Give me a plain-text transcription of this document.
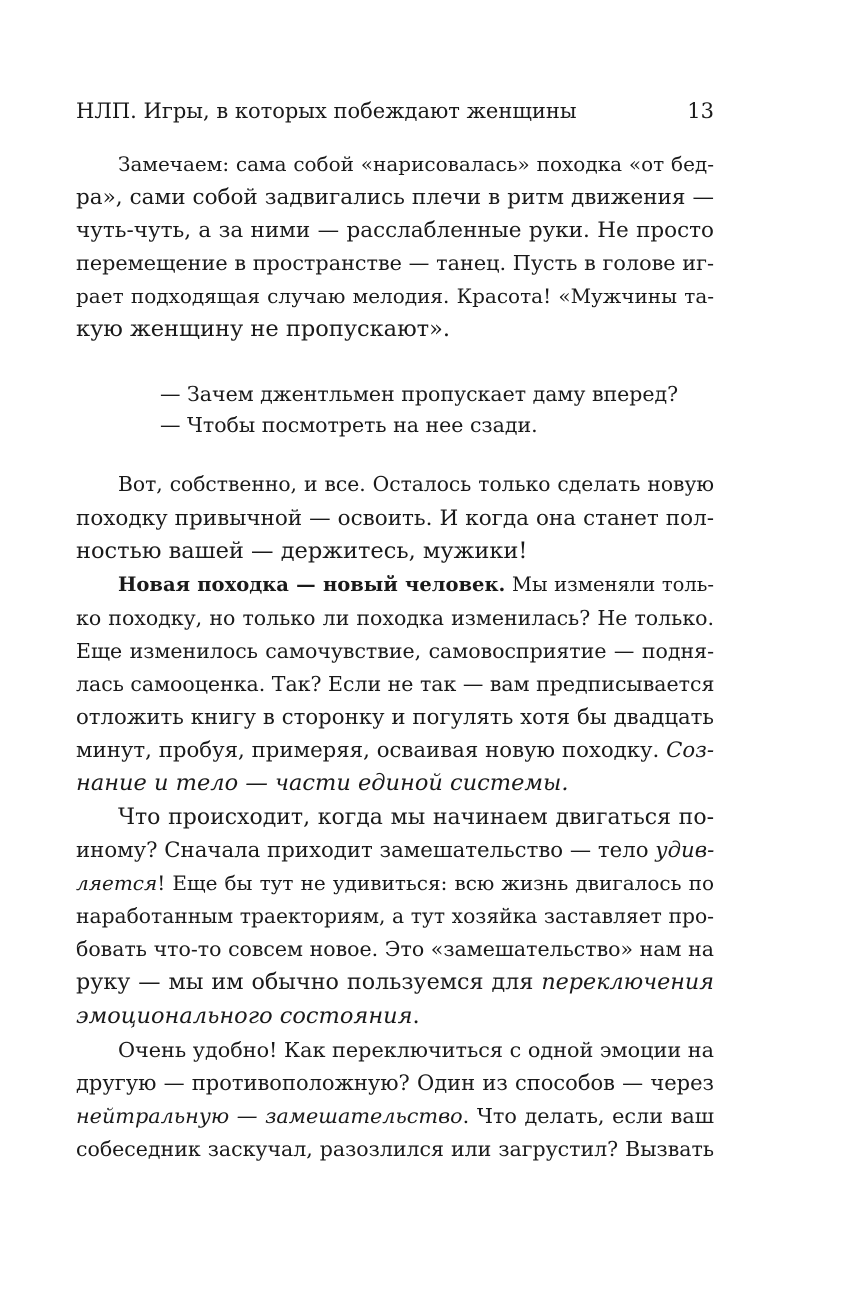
НЛП. Игры, в которых побеждают женщины	13
Замечаем: сама собой «нарисовалась» походка «от бед-
ра», сами собой задвигались плечи в ритм движения —
чуть-чуть, а за ними — расслабленные руки. Не просто
перемещение в пространстве — танец. Пусть в голове иг-
рает подходящая случаю мелодия. Красота! «Мужчины та-
кую женщину не пропускают».
— Зачем джентльмен пропускает даму вперед?
— Чтобы посмотреть на нее сзади.
Вот, собственно, и все. Осталось только сделать новую
походку привычной — освоить. И когда она станет пол-
ностью вашей — держитесь, мужики!
Новая походка — новый человек. Мы изменяли толь-
ко походку, но только ли походка изменилась? Не только.
Еще изменилось самочувствие, самовосприятие — подня-
лась самооценка. Так? Если не так — вам предписывается
отложить книгу в сторонку и погулять хотя бы двадцать
минут, пробуя, примеряя, осваивая новую походку. Соз-
нание и тело — части единой системы.
Что происходит, когда мы начинаем двигаться по-
иному? Сначала приходит замешательство — тело удив-
ляется! Еще бы тут не удивиться: всю жизнь двигалось по
наработанным траекториям, а тут хозяйка заставляет про-
бовать что-то совсем новое. Это «замешательство» нам на
руку — мы им обычно пользуемся для переключения
эмоционального состояния.
Очень удобно! Как переключиться с одной эмоции на
другую — противоположную? Один из способов — через
нейтральную — замешательство. Что делать, если ваш
собеседник заскучал, разозлился или загрустил? Вызвать
